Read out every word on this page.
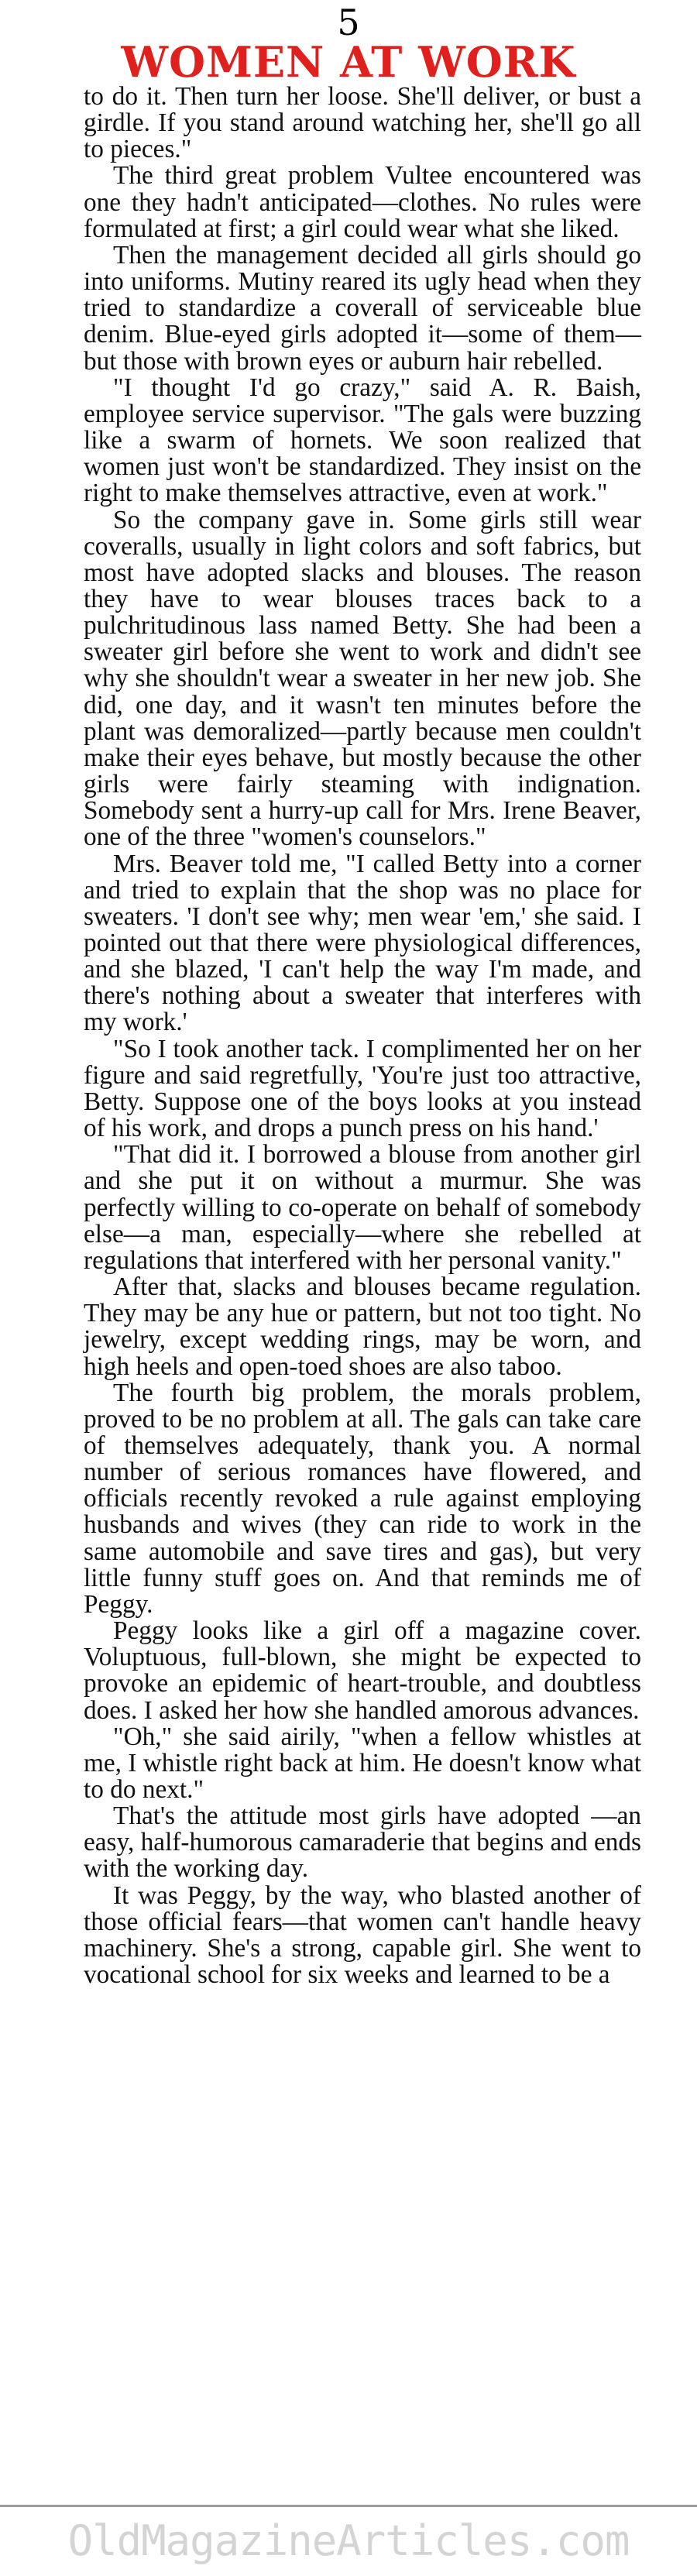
5
WOMEN AT WORK

to do it. Then turn her loose. She'll deliver, or bust a girdle. If you stand around watching her, she'll go all to pieces."

The third great problem Vultee encountered was one they hadn't anticipated—clothes. No rules were formulated at first; a girl could wear what she liked.

Then the management decided all girls should go into uniforms. Mutiny reared its ugly head when they tried to standardize a coverall of serviceable blue denim. Blue-eyed girls adopted it—some of them—but those with brown eyes or auburn hair rebelled.

"I thought I'd go crazy," said A. R. Baish, employee service supervisor. "The gals were buzzing like a swarm of hornets. We soon realized that women just won't be standardized. They insist on the right to make themselves attractive, even at work."

So the company gave in. Some girls still wear coveralls, usually in light colors and soft fabrics, but most have adopted slacks and blouses. The reason they have to wear blouses traces back to a pulchritudinous lass named Betty. She had been a sweater girl before she went to work and didn't see why she shouldn't wear a sweater in her new job. She did, one day, and it wasn't ten minutes before the plant was demoralized—partly because men couldn't make their eyes behave, but mostly because the other girls were fairly steaming with indignation. Somebody sent a hurry-up call for Mrs. Irene Beaver, one of the three "women's counselors."

Mrs. Beaver told me, "I called Betty into a corner and tried to explain that the shop was no place for sweaters. 'I don't see why; men wear 'em,' she said. I pointed out that there were physiological differences, and she blazed, 'I can't help the way I'm made, and there's nothing about a sweater that interferes with my work.'

"So I took another tack. I complimented her on her figure and said regretfully, 'You're just too attractive, Betty. Suppose one of the boys looks at you instead of his work, and drops a punch press on his hand.'

"That did it. I borrowed a blouse from another girl and she put it on without a murmur. She was perfectly willing to co-operate on behalf of somebody else—a man, especially—where she rebelled at regulations that interfered with her personal vanity."

After that, slacks and blouses became regulation. They may be any hue or pattern, but not too tight. No jewelry, except wedding rings, may be worn, and high heels and open-toed shoes are also taboo.

The fourth big problem, the morals problem, proved to be no problem at all. The gals can take care of themselves adequately, thank you. A normal number of serious romances have flowered, and officials recently revoked a rule against employing husbands and wives (they can ride to work in the same automobile and save tires and gas), but very little funny stuff goes on. And that reminds me of Peggy.

Peggy looks like a girl off a magazine cover. Voluptuous, full-blown, she might be expected to provoke an epidemic of heart-trouble, and doubtless does. I asked her how she handled amorous advances.

"Oh," she said airily, "when a fellow whistles at me, I whistle right back at him. He doesn't know what to do next."

That's the attitude most girls have adopted —an easy, half-humorous camaraderie that begins and ends with the working day.

It was Peggy, by the way, who blasted another of those official fears—that women can't handle heavy machinery. She's a strong, capable girl. She went to vocational school for six weeks and learned to be a

OldMagazineArticles.com
